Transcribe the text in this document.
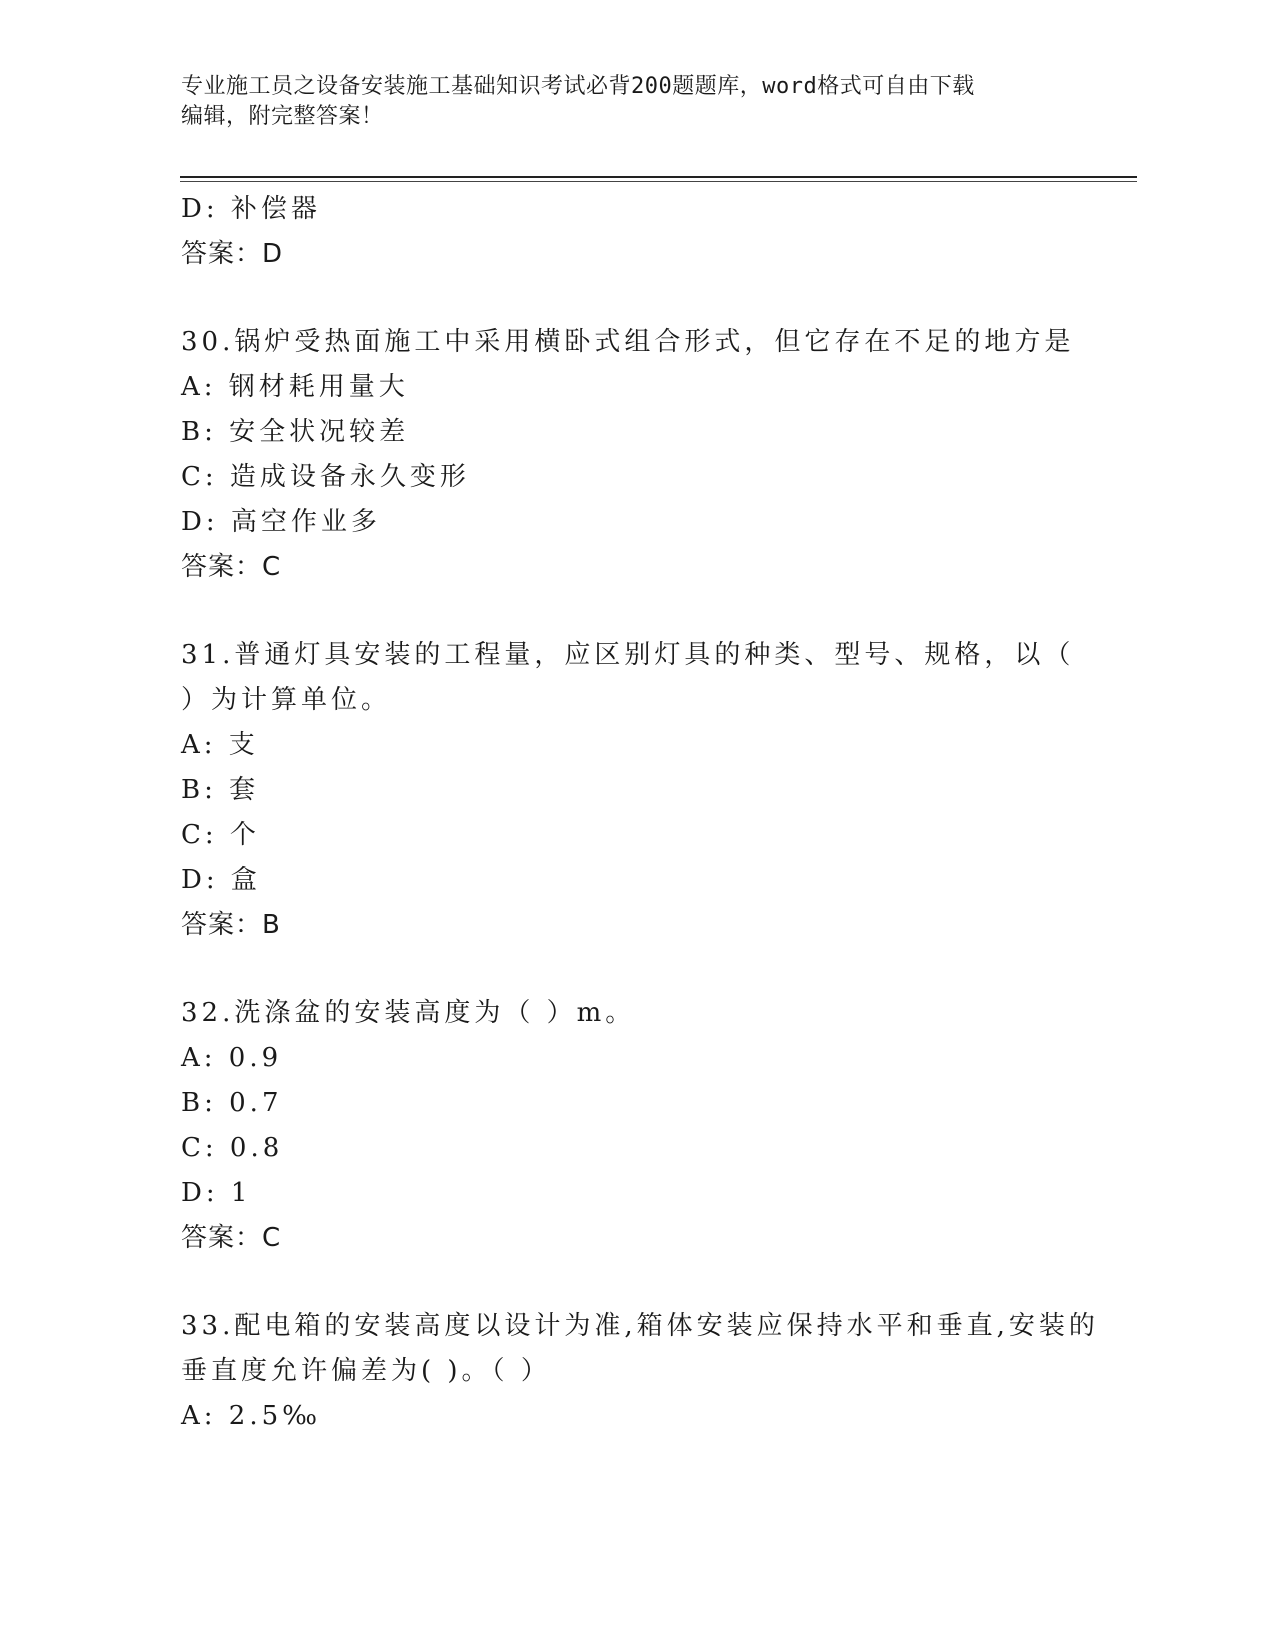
专业施工员之设备安装施工基础知识考试必背200题题库，word格式可自由下载
编辑，附完整答案！
D: 补偿器
答案：D
30.锅炉受热面施工中采用横卧式组合形式，但它存在不足的地方是
A: 钢材耗用量大
B: 安全状况较差
C: 造成设备永久变形
D: 高空作业多
答案：C
31.普通灯具安装的工程量，应区别灯具的种类、型号、规格，以（
）为计算单位。
A: 支
B: 套
C: 个
D: 盒
答案：B
32.洗涤盆的安装高度为（ ）m。
A: 0.9
B: 0.7
C: 0.8
D: 1
答案：C
33.配电箱的安装高度以设计为准,箱体安装应保持水平和垂直,安装的
垂直度允许偏差为( )。（ ）
A: 2.5‰
